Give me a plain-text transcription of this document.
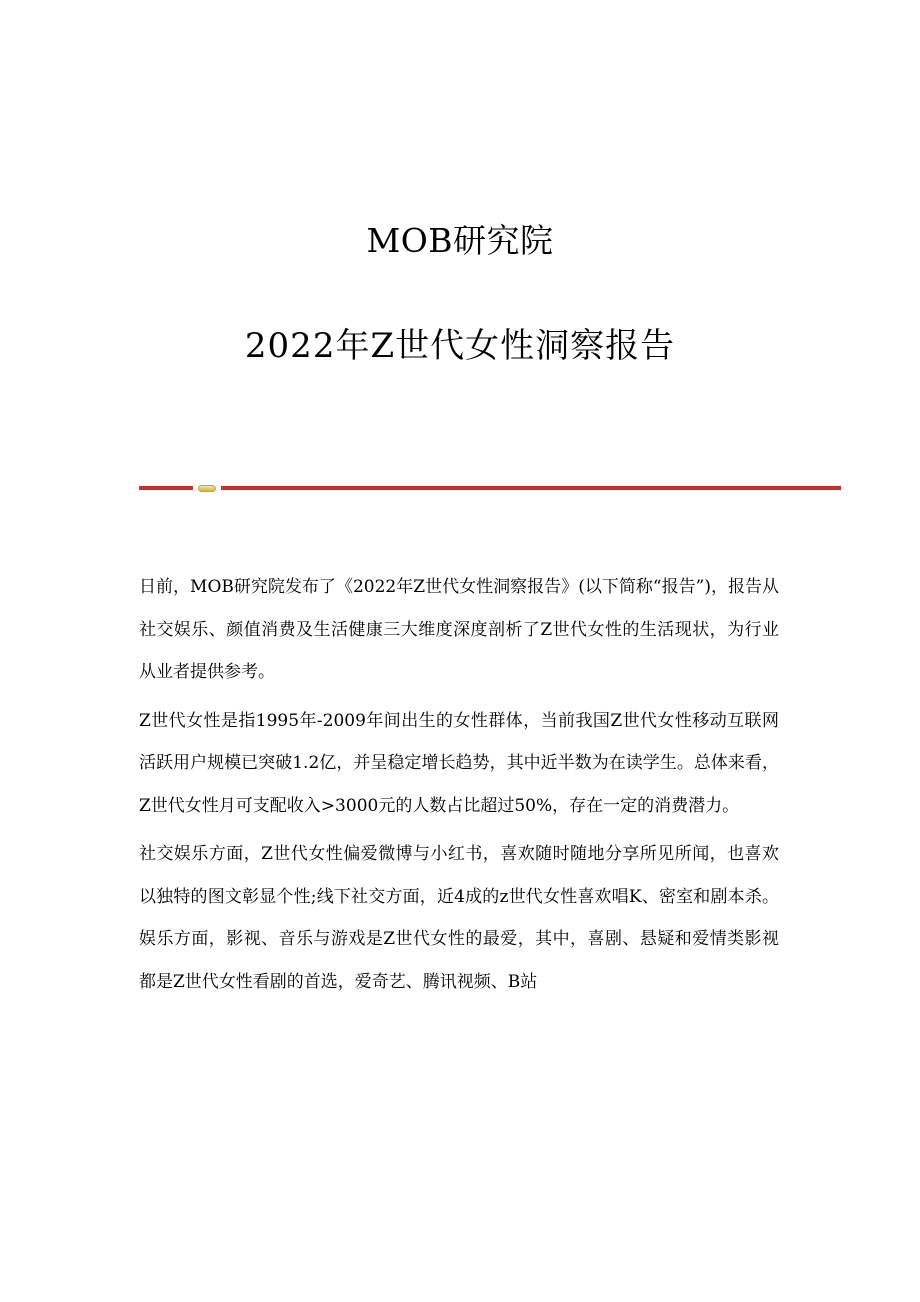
MOB研究院
2022年Z世代女性洞察报告

日前，MOB研究院发布了《2022年Z世代女性洞察报告》(以下简称“报告”)，报告从社交娱乐、颜值消费及生活健康三大维度深度剖析了Z世代女性的生活现状，为行业从业者提供参考。

Z世代女性是指1995年-2009年间出生的女性群体，当前我国Z世代女性移动互联网活跃用户规模已突破1.2亿，并呈稳定增长趋势，其中近半数为在读学生。总体来看，Z世代女性月可支配收入>3000元的人数占比超过50%，存在一定的消费潜力。

社交娱乐方面，Z世代女性偏爱微博与小红书，喜欢随时随地分享所见所闻，也喜欢以独特的图文彰显个性;线下社交方面，近4成的z世代女性喜欢唱K、密室和剧本杀。娱乐方面，影视、音乐与游戏是Z世代女性的最爱，其中，喜剧、悬疑和爱情类影视都是Z世代女性看剧的首选，爱奇艺、腾讯视频、B站
